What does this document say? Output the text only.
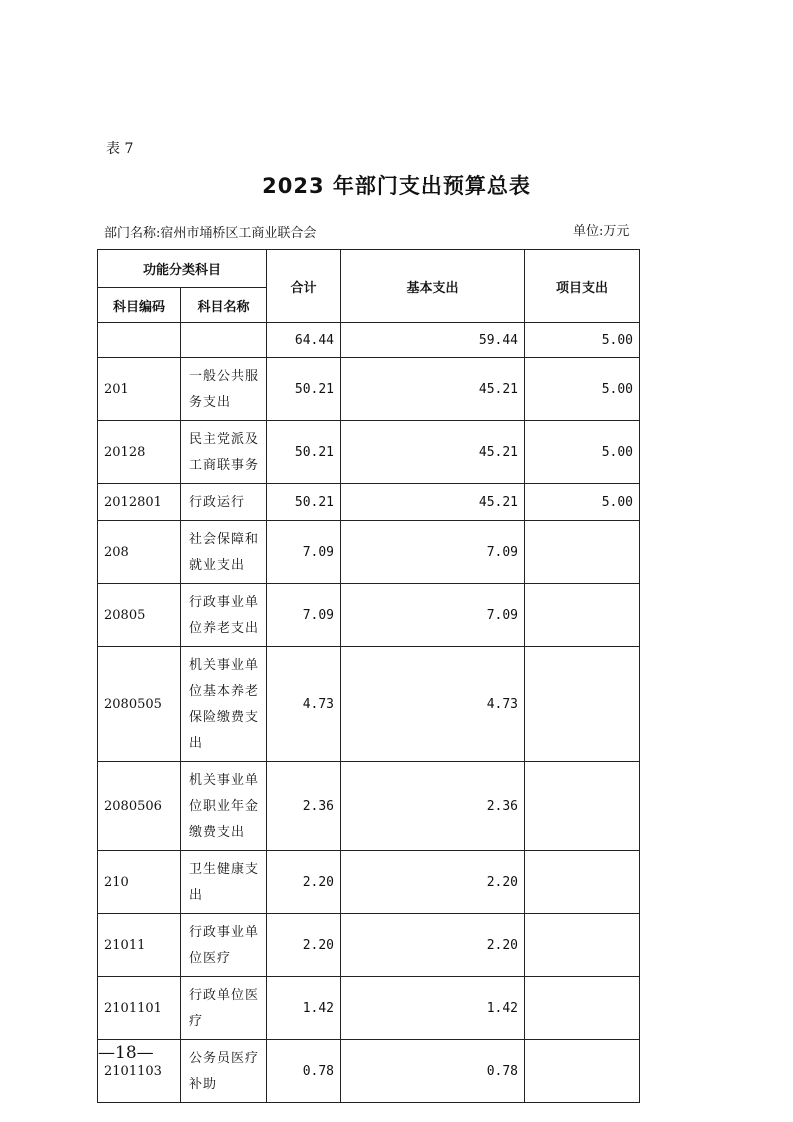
表 7
2023 年部门支出预算总表
部门名称:宿州市埇桥区工商业联合会	单位:万元
功能分类科目		合计	基本支出	项目支出
科目编码	科目名称			
		64.44	59.44	5.00
201	一般公共服务支出	50.21	45.21	5.00
20128	民主党派及工商联事务	50.21	45.21	5.00
2012801	行政运行	50.21	45.21	5.00
208	社会保障和就业支出	7.09	7.09	
20805	行政事业单位养老支出	7.09	7.09	
2080505	机关事业单位基本养老保险缴费支出	4.73	4.73	
2080506	机关事业单位职业年金缴费支出	2.36	2.36	
210	卫生健康支出	2.20	2.20	
21011	行政事业单位医疗	2.20	2.20	
2101101	行政单位医疗	1.42	1.42	
2101103	公务员医疗补助	0.78	0.78	
—18—
